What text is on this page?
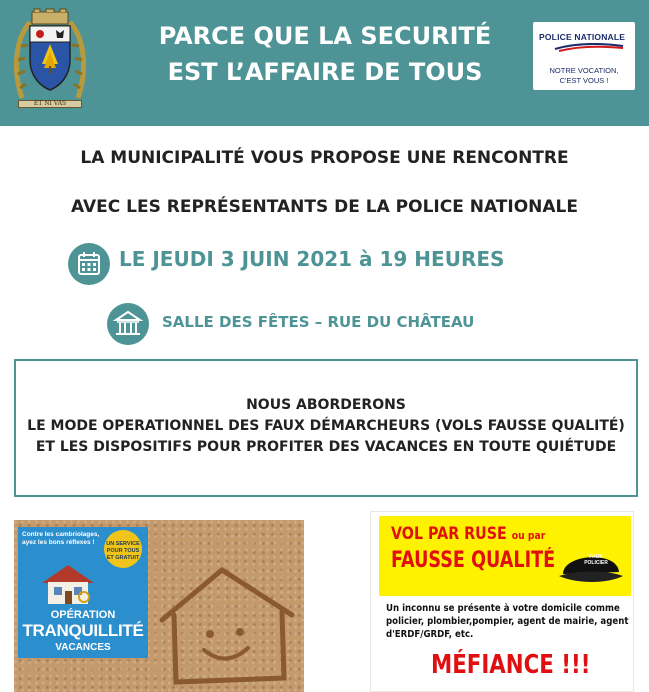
ET NI VAS
PARCE QUE LA SECURITÉ
EST L’AFFAIRE DE TOUS
POLICE NATIONALE
NOTRE VOCATION,
C'EST VOUS !
LA MUNICIPALITÉ VOUS PROPOSE UNE RENCONTRE
AVEC LES REPRÉSENTANTS DE LA POLICE NATIONALE
LE JEUDI 3 JUIN 2021 à 19 HEURES
SALLE DES FÊTES – RUE DU CHÂTEAU
NOUS ABORDERONS
LE MODE OPERATIONNEL DES FAUX DÉMARCHEURS (VOLS FAUSSE QUALITÉ)
ET LES DISPOSITIFS POUR PROFITER DES VACANCES EN TOUTE QUIÉTUDE
Contre les cambriolages, ayez les bons réflexes !	UN SERVICE POUR TOUS ET GRATUIT
OPÉRATION
TRANQUILLITÉ
VACANCES
VOL PAR RUSE ou par
FAUSSE QUALITÉ	FAUX POLICIER
Un inconnu se présente à votre domicile comme policier, plombier,pompier, agent de mairie, agent d'ERDF/GRDF, etc.
MÉFIANCE !!!
